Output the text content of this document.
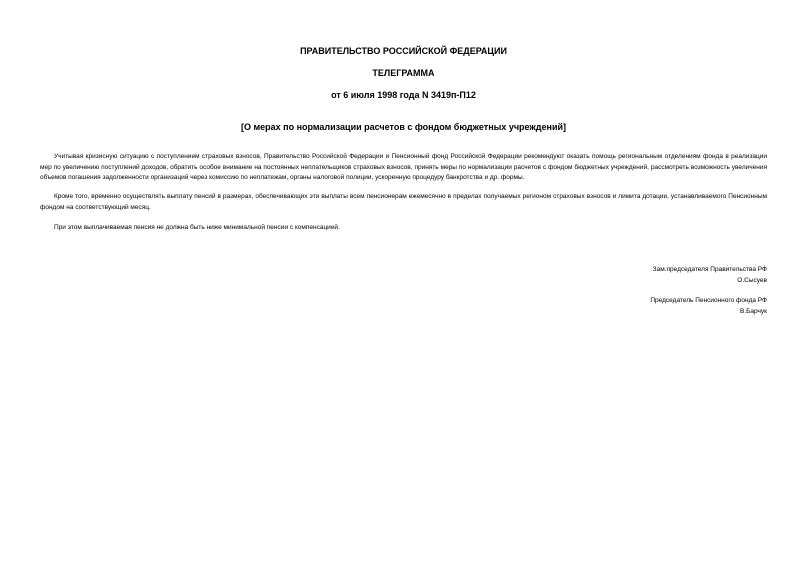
ПРАВИТЕЛЬСТВО РОССИЙСКОЙ ФЕДЕРАЦИИ
ТЕЛЕГРАММА
от 6 июля 1998 года N 3419п-П12
[О мерах по нормализации расчетов с фондом бюджетных учреждений]

Учитывая кризисную ситуацию с поступлением страховых взносов, Правительство Российской Федерации и Пенсионный фонд Российской Федерации рекомендуют оказать помощь региональным отделениям фонда в реализации мер по увеличению поступлений доходов, обратить особое внимание на постоянных неплательщиков страховых взносов, принять меры по нормализации расчетов с фондом бюджетных учреждений, рассмотреть возможность увеличения объемов погашения задолженности организаций через комиссию по неплатежам, органы налоговой полиции, ускоренную процедуру банкротства и др. формы.

Кроме того, временно осуществлять выплату пенсий в размерах, обеспечивающих эти выплаты всем пенсионерам ежемесячно в пределах получаемых регионом страховых взносов и лимита дотации, устанавливаемого Пенсионным фондом на соответствующий месяц.

При этом выплачиваемая пенсия не должна быть ниже минимальной пенсии с компенсацией.

Зам.председателя Правительства РФ
О.Сысуев
Председатель Пенсионного фонда РФ
В.Барчук
